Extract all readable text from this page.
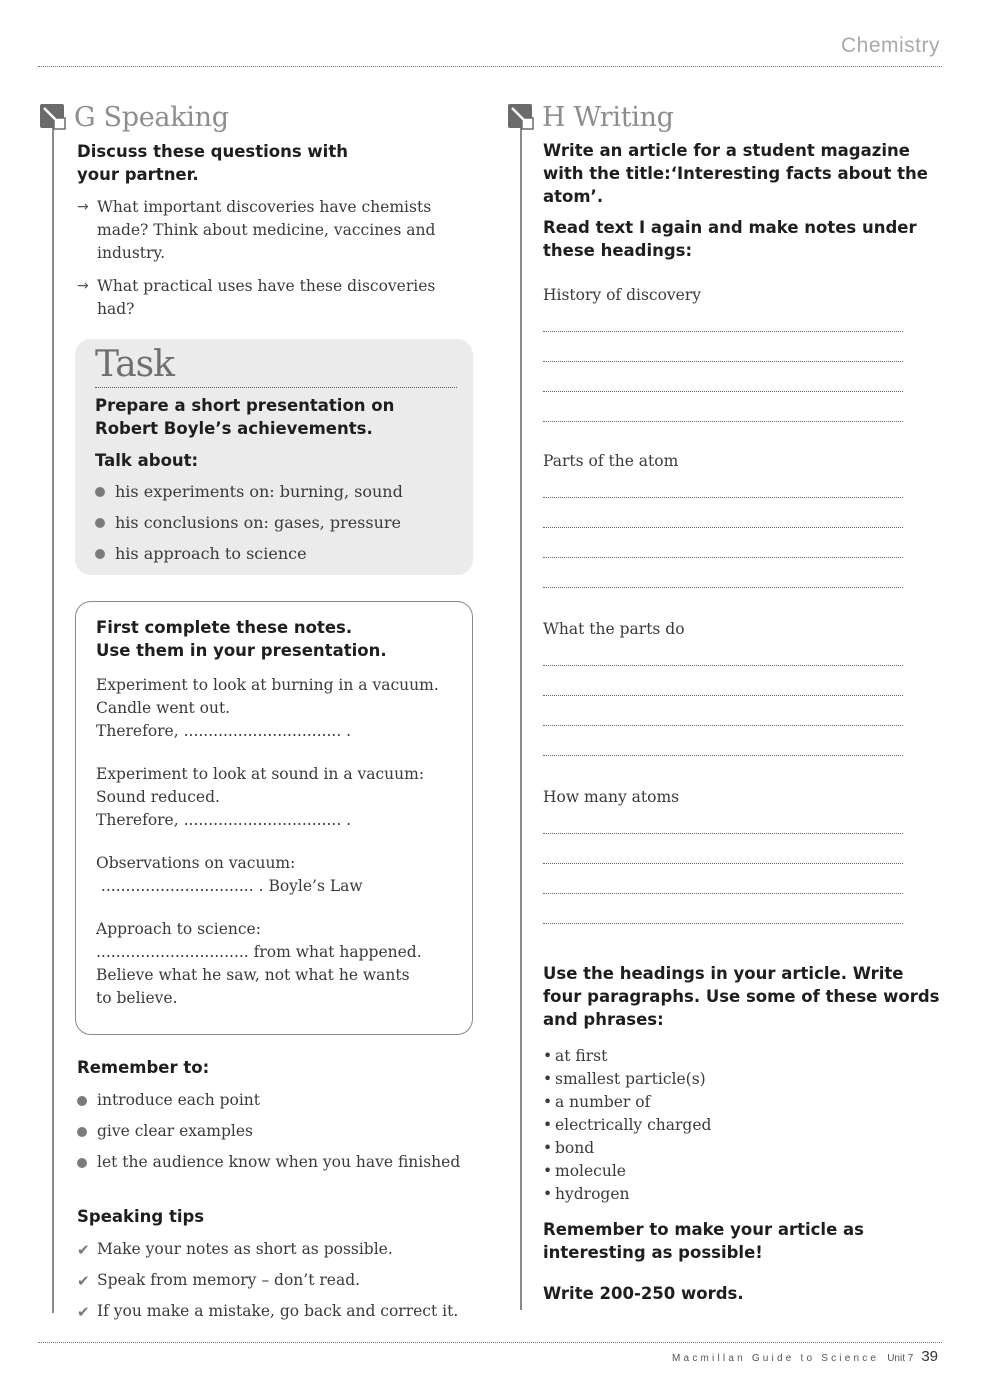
Chemistry
G Speaking
Discuss these questions with your partner.
→ What important discoveries have chemists made? Think about medicine, vaccines and industry.
→ What practical uses have these discoveries had?
Task
Prepare a short presentation on Robert Boyle’s achievements.
Talk about:
his experiments on: burning, sound
his conclusions on: gases, pressure
his approach to science
First complete these notes.
Use them in your presentation.
Experiment to look at burning in a vacuum.
Candle went out.
Therefore, ................................ .
Experiment to look at sound in a vacuum:
Sound reduced.
Therefore, ................................ .
Observations on vacuum:
............................... . Boyle’s Law
Approach to science:
............................... from what happened.
Believe what he saw, not what he wants
to believe.
Remember to:
introduce each point
give clear examples
let the audience know when you have finished
Speaking tips
✔ Make your notes as short as possible.
✔ Speak from memory – don’t read.
✔ If you make a mistake, go back and correct it.
H Writing
Write an article for a student magazine with the title:‘Interesting facts about the atom’.
Read text I again and make notes under these headings:
History of discovery
Parts of the atom
What the parts do
How many atoms
Use the headings in your article. Write four paragraphs. Use some of these words and phrases:
• at first
• smallest particle(s)
• a number of
• electrically charged
• bond
• molecule
• hydrogen
Remember to make your article as interesting as possible!
Write 200-250 words.
Macmillan Guide to Science Unit 7 39
